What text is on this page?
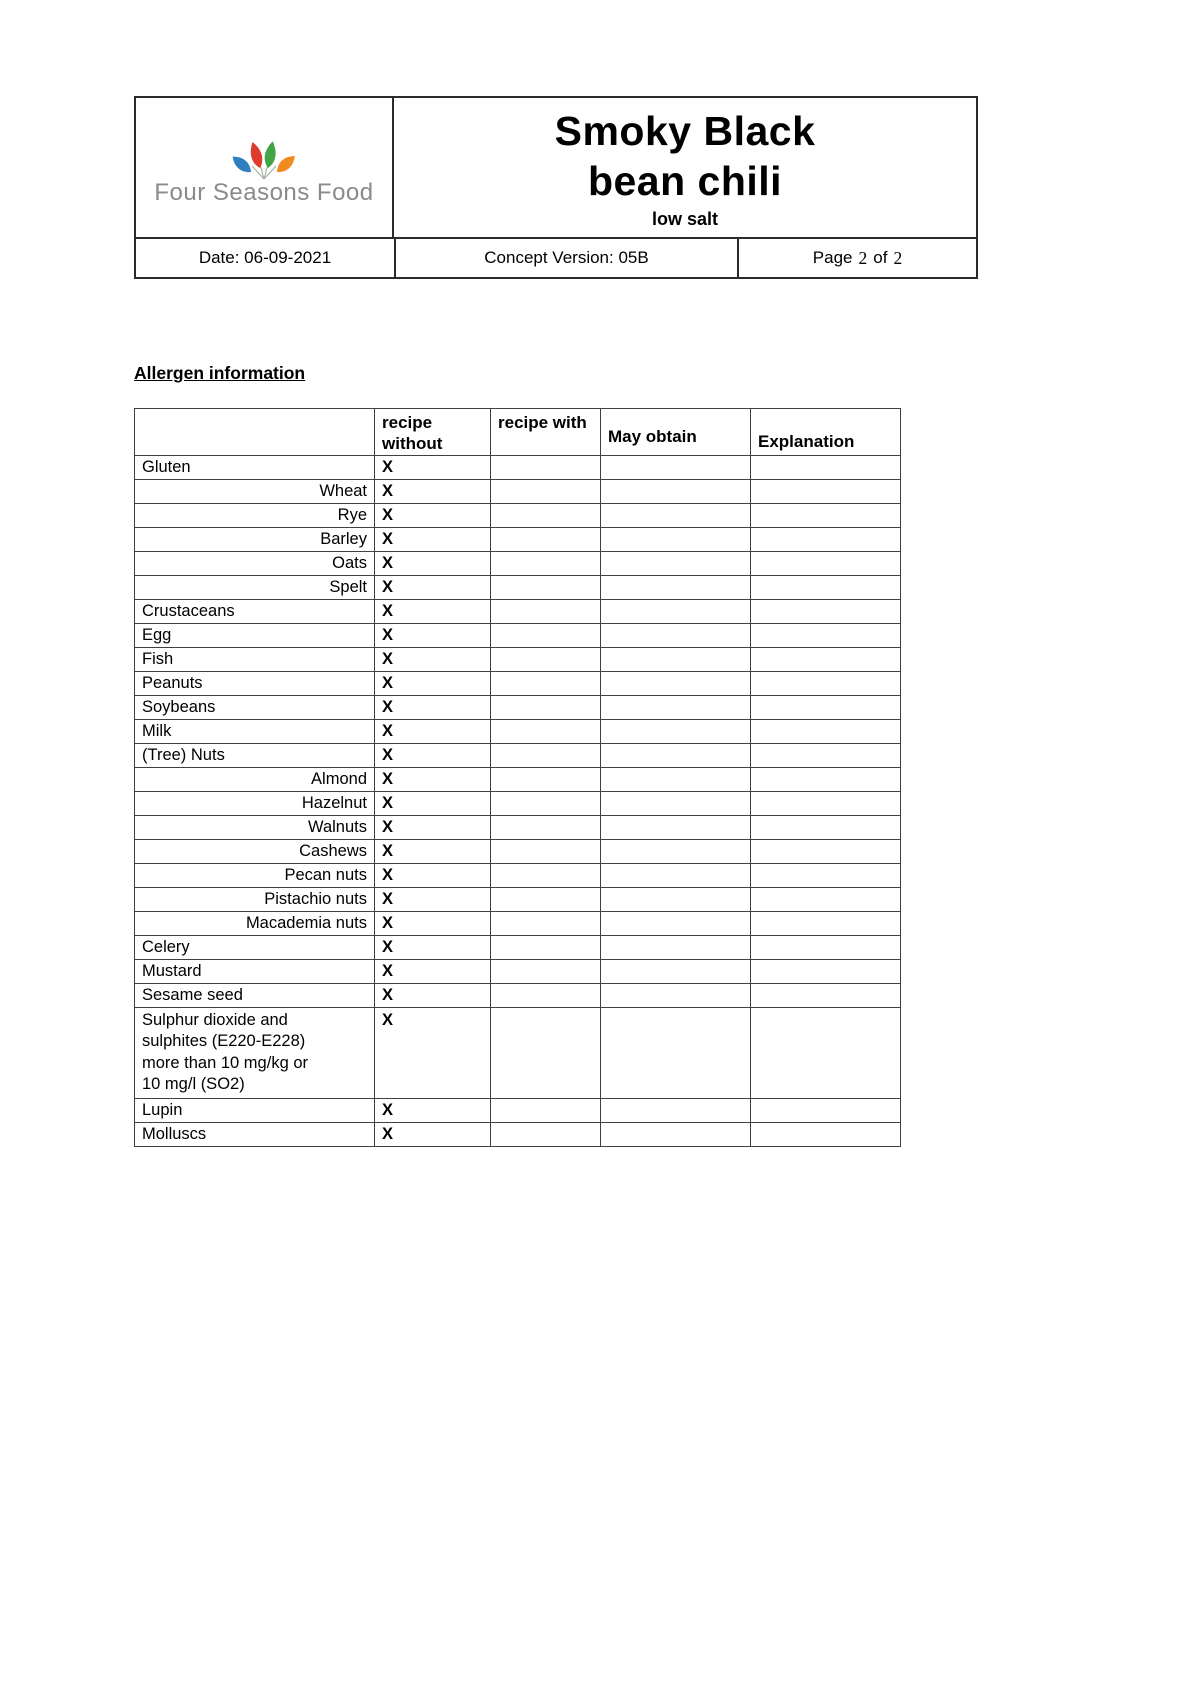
Four Seasons Food
Smoky Black
bean chili
low salt
Date: 06-09-2021	Concept Version: 05B	Page 2 of 2
Allergen information
	recipe without	recipe with	May obtain	Explanation
Gluten	X			
Wheat	X			
Rye	X			
Barley	X			
Oats	X			
Spelt	X			
Crustaceans	X			
Egg	X			
Fish	X			
Peanuts	X			
Soybeans	X			
Milk	X			
(Tree) Nuts	X			
Almond	X			
Hazelnut	X			
Walnuts	X			
Cashews	X			
Pecan nuts	X			
Pistachio nuts	X			
Macademia nuts	X			
Celery	X			
Mustard	X			
Sesame seed	X			
Sulphur dioxide and sulphites (E220-E228) more than 10 mg/kg or 10 mg/l (SO2)	X			
Lupin	X			
Molluscs	X			
